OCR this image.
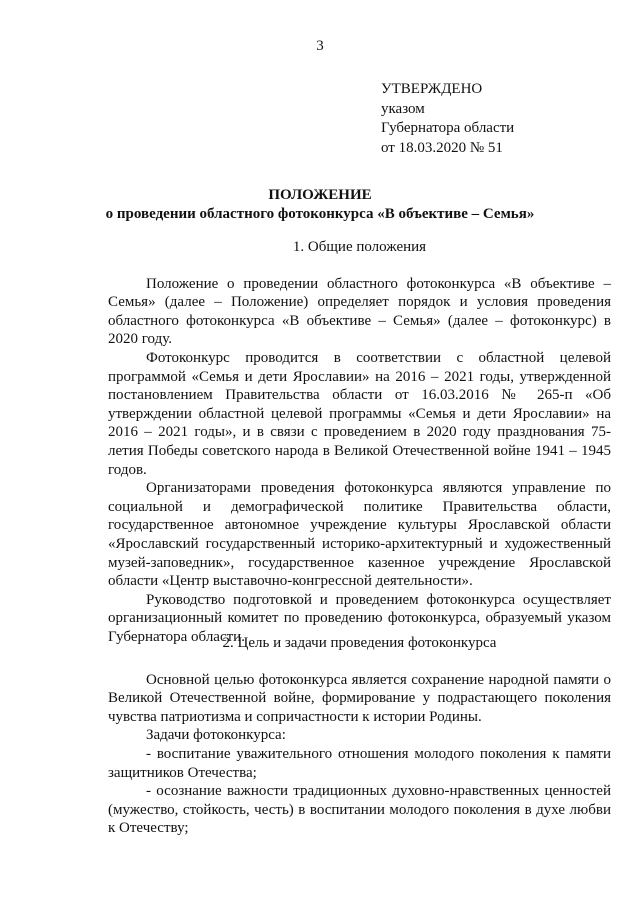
3
УТВЕРЖДЕНО
указом
Губернатора области
от 18.03.2020 № 51
ПОЛОЖЕНИЕ
о проведении областного фотоконкурса «В объективе – Семья»

1. Общие положения

Положение о проведении областного фотоконкурса «В объективе – Семья» (далее – Положение) определяет порядок и условия проведения областного фотоконкурса «В объективе – Семья» (далее – фотоконкурс) в 2020 году.

Фотоконкурс проводится в соответствии с областной целевой программой «Семья и дети Ярославии» на 2016 – 2021 годы, утвержденной постановлением Правительства области от 16.03.2016 № 265-п «Об утверждении областной целевой программы «Семья и дети Ярославии» на 2016 – 2021 годы», и в связи с проведением в 2020 году празднования 75-летия Победы советского народа в Великой Отечественной войне 1941 – 1945 годов.

Организаторами проведения фотоконкурса являются управление по социальной и демографической политике Правительства области, государственное автономное учреждение культуры Ярославской области «Ярославский государственный историко-архитектурный и художественный музей-заповедник», государственное казенное учреждение Ярославской области «Центр выставочно-конгрессной деятельности».

Руководство подготовкой и проведением фотоконкурса осуществляет организационный комитет по проведению фотоконкурса, образуемый указом Губернатора области.

2. Цель и задачи проведения фотоконкурса

Основной целью фотоконкурса является сохранение народной памяти о Великой Отечественной войне, формирование у подрастающего поколения чувства патриотизма и сопричастности к истории Родины.

Задачи фотоконкурса:

- воспитание уважительного отношения молодого поколения к памяти защитников Отечества;

- осознание важности традиционных духовно-нравственных ценностей (мужество, стойкость, честь) в воспитании молодого поколения в духе любви к Отечеству;
